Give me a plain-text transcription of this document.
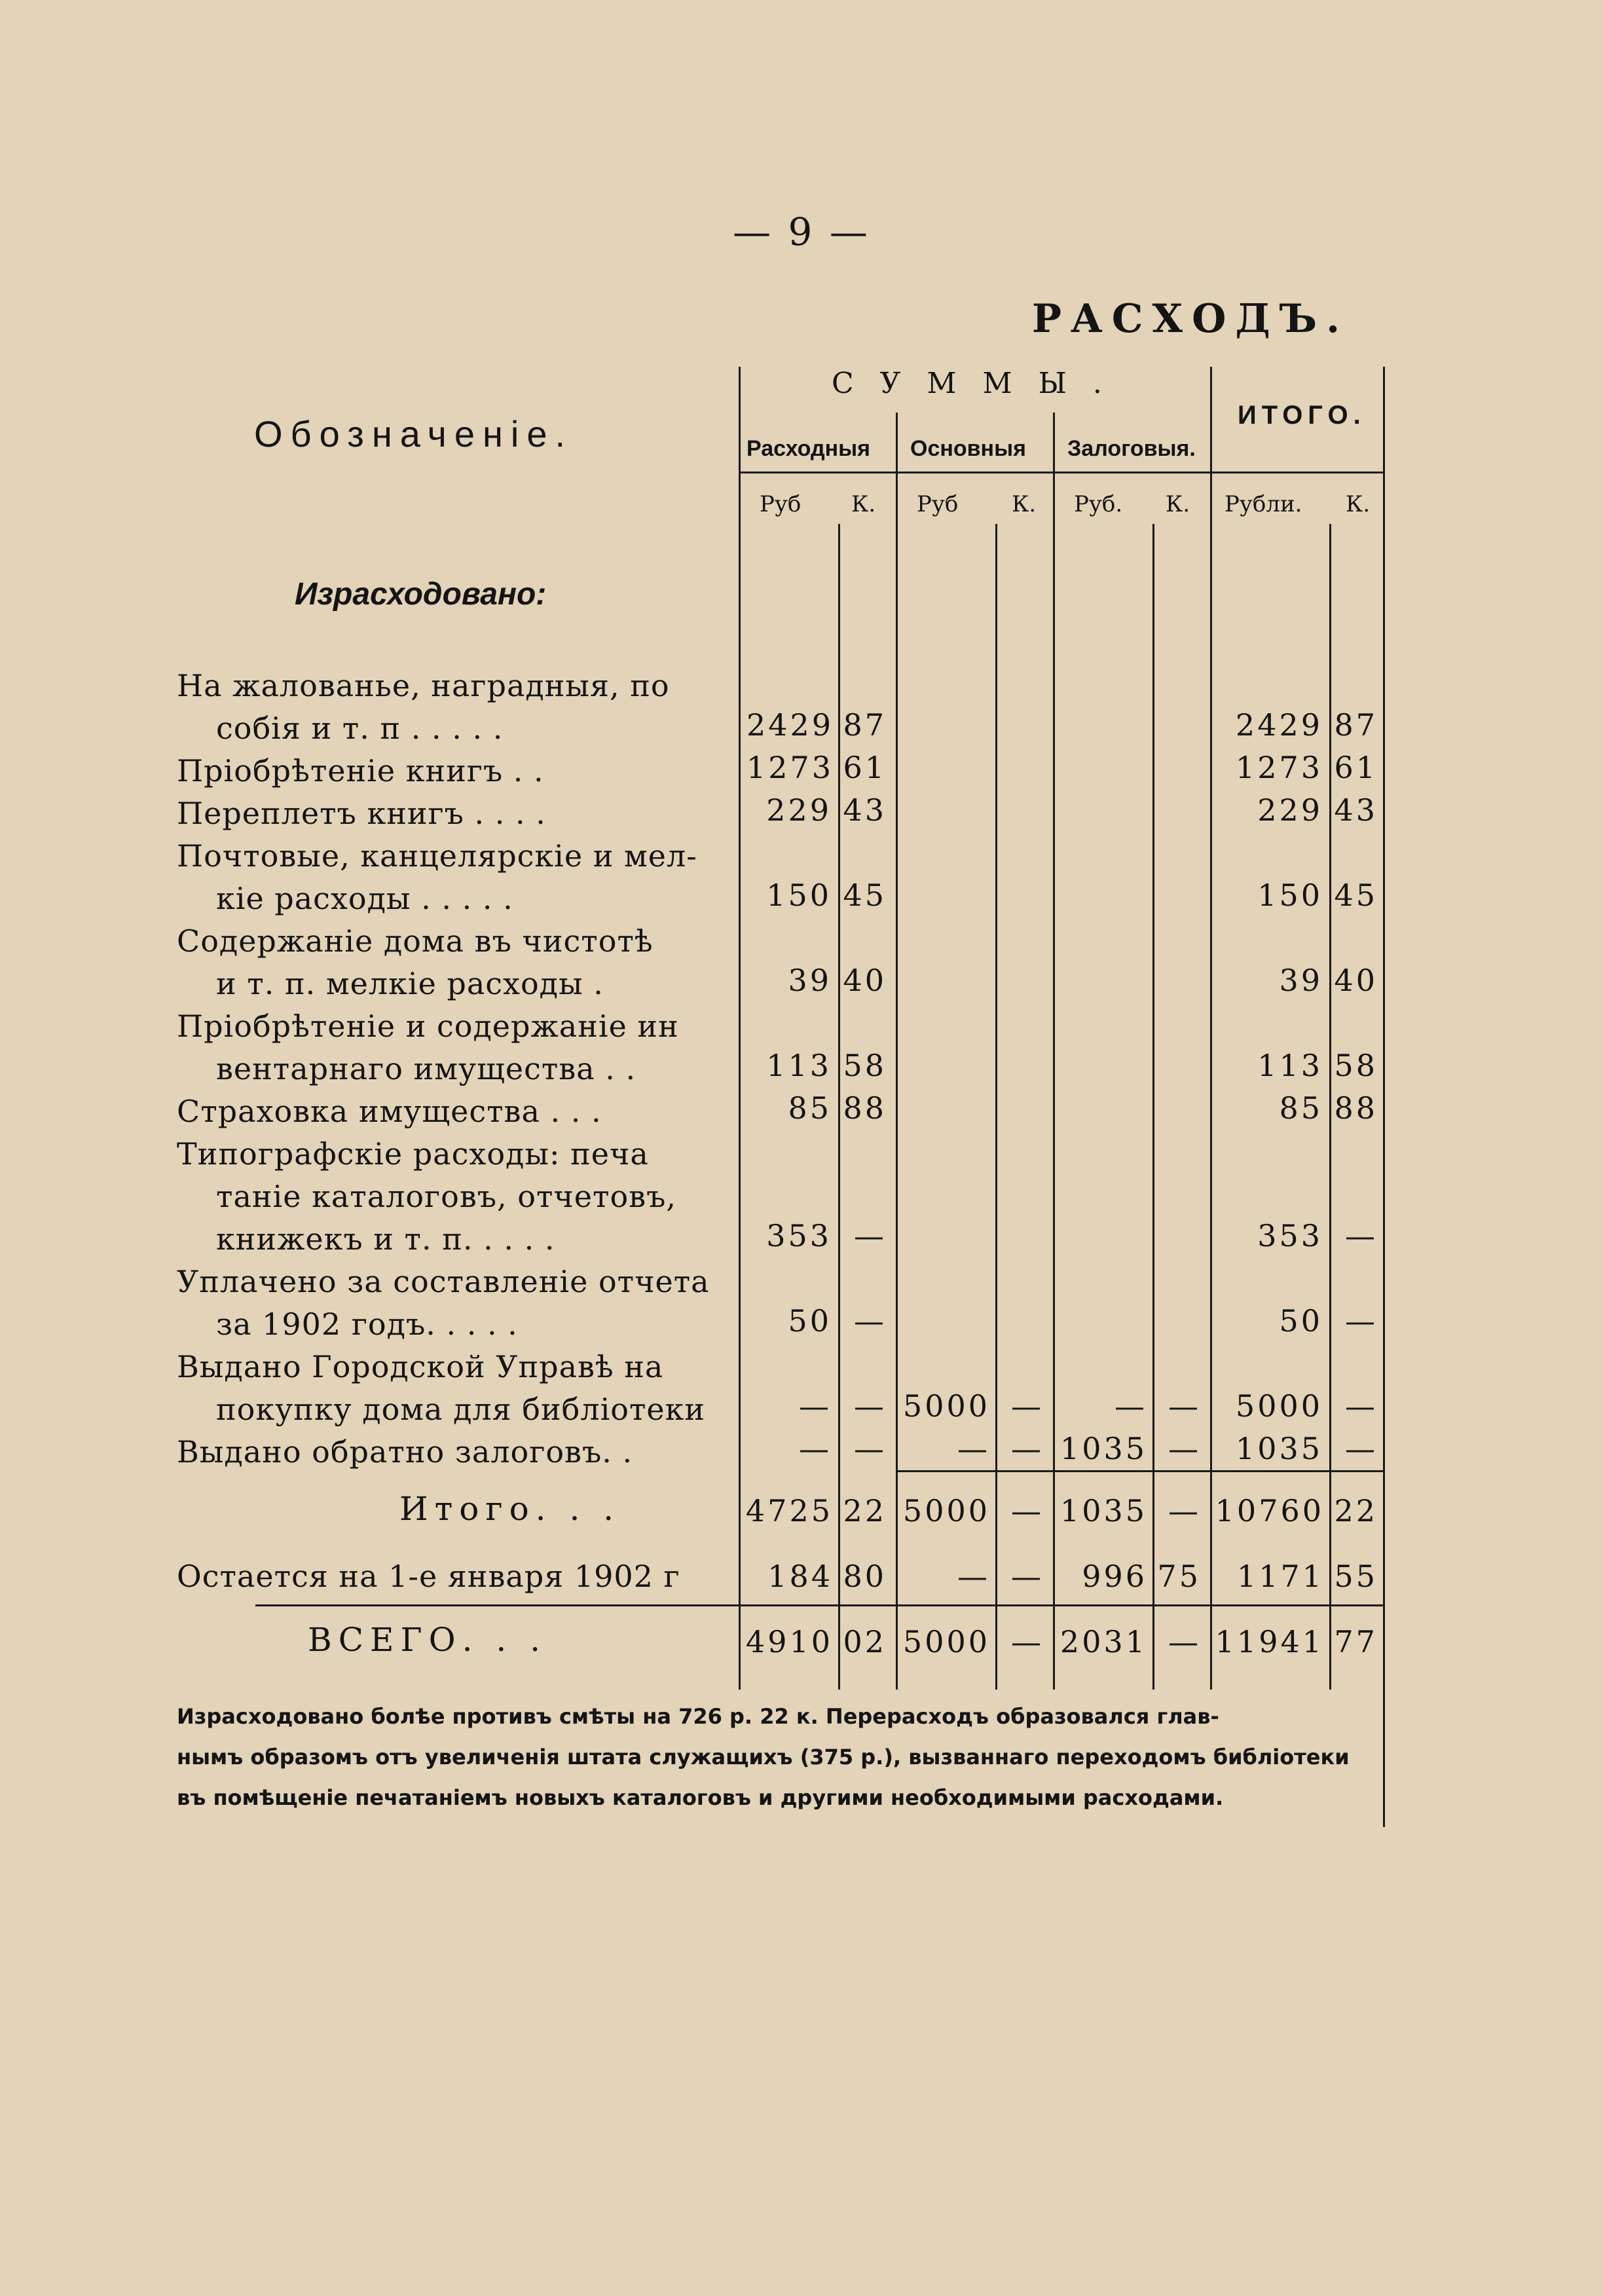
— 9 —
РАСХОДЪ.
Обозначенiе.
СУММЫ.
Расходныя Основныя Залоговыя.
ИТОГО.
Руб К. Руб К. Руб. К. Рубли. К.
Израсходовано:
На жалованье, наградныя, по
собiя и т. п . . . . .	2429 87	2429 87
Прiобрѣтенiе книгъ . .	1273 61	1273 61
Переплетъ книгъ . . . .	229 43	229 43
Почтовые, канцелярскiе и мел-
кiе расходы . . . . .	150 45	150 45
Содержанiе дома въ чистотѣ
и т. п. мелкiе расходы .	39 40	39 40
Прiобрѣтенiе и содержанiе ин
вентарнаго имущества . .	113 58	113 58
Страховка имущества . . .	85 88	85 88
Типографскiе расходы: печа
танiе каталоговъ, отчетовъ,
книжекъ и т. п. . . . .	353 —	353 —
Уплачено за составленiе отчета
за 1902 годъ. . . . .	50 —	50 —
Выдано Городской Управѣ на
покупку дома для библiотеки	— — 5000 —	— —	5000 —
Выдано обратно залоговъ. .	— —	— — 1035 —	1035 —
Итого. . .	4725 22 5000 — 1035 — 10760 22
Остается на 1-е января 1902 г	184 80	— —	996 75	1171 55
ВСЕГО. . .	4910 02 5000 — 2031 — 11941 77
Израсходовано болѣе противъ смѣты на 726 р. 22 к. Перерасходъ образовался глав-
нымъ образомъ отъ увеличенiя штата служащихъ (375 р.), вызваннаго переходомъ библiотеки
въ помѣщенiе печатанiемъ новыхъ каталоговъ и другими необходимыми расходами.
